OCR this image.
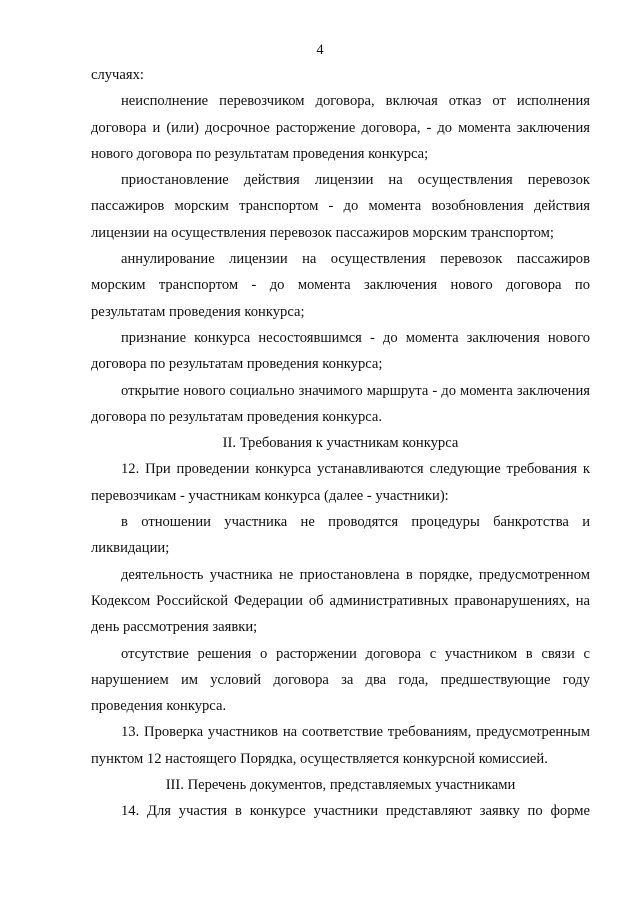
4

случаях:

неисполнение перевозчиком договора, включая отказ от исполнения договора и (или) досрочное расторжение договора, - до момента заключения нового договора по результатам проведения конкурса;

приостановление действия лицензии на осуществления перевозок пассажиров морским транспортом - до момента возобновления действия лицензии на осуществления перевозок пассажиров морским транспортом;

аннулирование лицензии на осуществления перевозок пассажиров морским транспортом - до момента заключения нового договора по результатам проведения конкурса;

признание конкурса несостоявшимся - до момента заключения нового договора по результатам проведения конкурса;

открытие нового социально значимого маршрута - до момента заключения договора по результатам проведения конкурса.

II. Требования к участникам конкурса

12. При проведении конкурса устанавливаются следующие требования к перевозчикам - участникам конкурса (далее - участники):

в отношении участника не проводятся процедуры банкротства и ликвидации;

деятельность участника не приостановлена в порядке, предусмотренном Кодексом Российской Федерации об административных правонарушениях, на день рассмотрения заявки;

отсутствие решения о расторжении договора с участником в связи с нарушением им условий договора за два года, предшествующие году проведения конкурса.

13. Проверка участников на соответствие требованиям, предусмотренным пунктом 12 настоящего Порядка, осуществляется конкурсной комиссией.

III. Перечень документов, представляемых участниками

14. Для участия в конкурсе участники представляют заявку по форме
